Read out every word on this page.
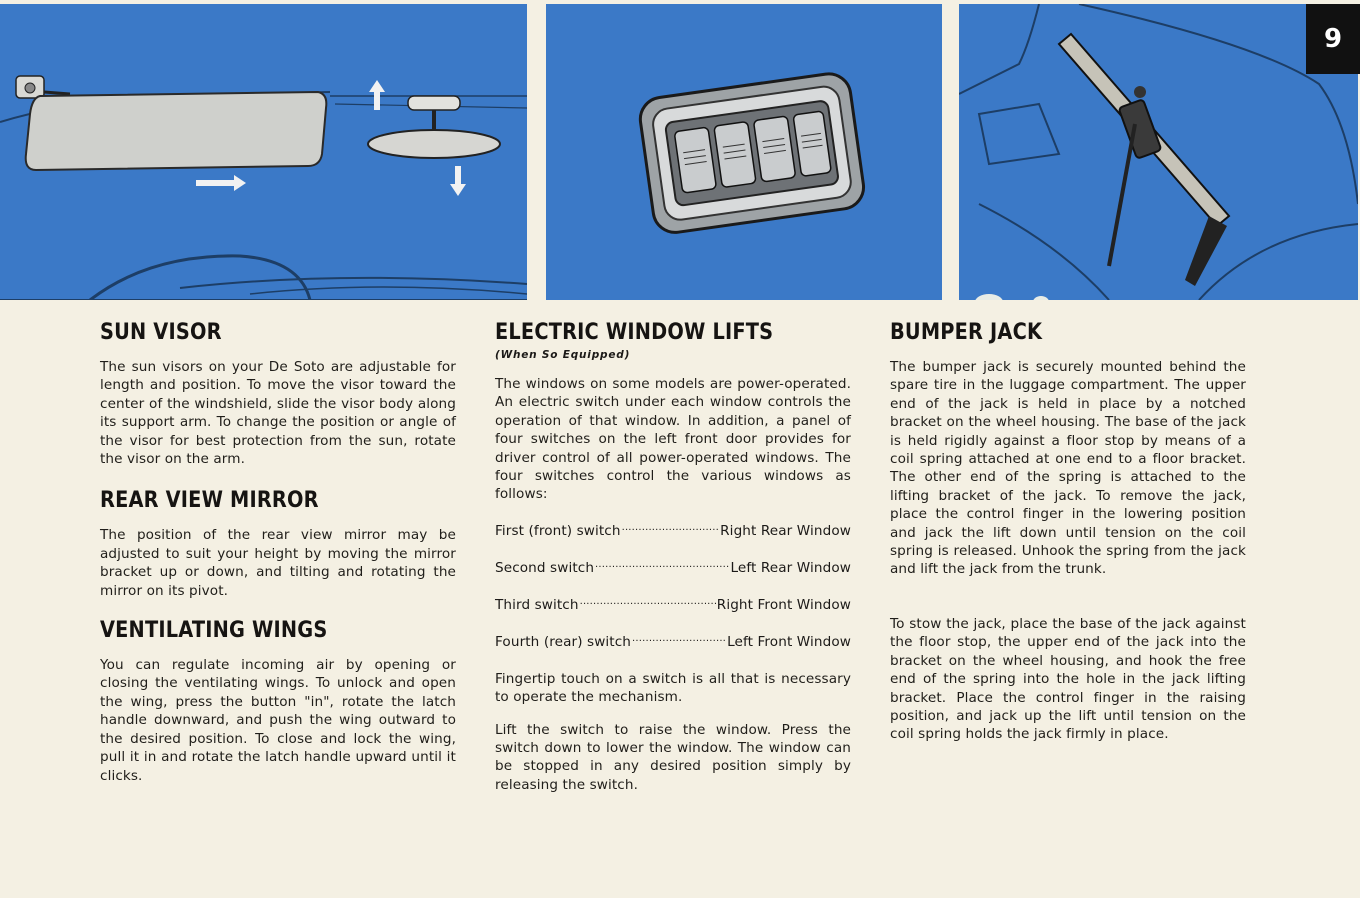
9
SUN VISOR

The sun visors on your De Soto are adjustable for length and position. To move the visor toward the center of the windshield, slide the visor body along its support arm. To change the position or angle of the visor for best protection from the sun, rotate the visor on the arm.

REAR VIEW MIRROR

The position of the rear view mirror may be adjusted to suit your height by moving the mirror bracket up or down, and tilting and rotating the mirror on its pivot.

VENTILATING WINGS

You can regulate incoming air by opening or closing the ventilating wings. To unlock and open the wing, press the button "in", rotate the latch handle downward, and push the wing outward to the desired position. To close and lock the wing, pull it in and rotate the latch handle upward until it clicks.

ELECTRIC WINDOW LIFTS
(When So Equipped)

The windows on some models are power-operated. An electric switch under each window controls the operation of that window. In addition, a panel of four switches on the left front door provides for driver control of all power-operated windows. The four switches control the various windows as follows:

First (front) switch . . .	Right Rear Window
Second switch . . .	Left Rear Window
Third switch . . .	Right Front Window
Fourth (rear) switch . . .	Left Front Window

Fingertip touch on a switch is all that is necessary to operate the mechanism.

Lift the switch to raise the window. Press the switch down to lower the window. The window can be stopped in any desired position simply by releasing the switch.

BUMPER JACK

The bumper jack is securely mounted behind the spare tire in the luggage compartment. The upper end of the jack is held in place by a notched bracket on the wheel housing. The base of the jack is held rigidly against a floor stop by means of a coil spring attached at one end to a floor bracket. The other end of the spring is attached to the lifting bracket of the jack. To remove the jack, place the control finger in the lowering position and jack the lift down until tension on the coil spring is released. Unhook the spring from the jack and lift the jack from the trunk.

To stow the jack, place the base of the jack against the floor stop, the upper end of the jack into the bracket on the wheel housing, and hook the free end of the spring into the hole in the jack lifting bracket. Place the control finger in the raising position, and jack up the lift until tension on the coil spring holds the jack firmly in place.
